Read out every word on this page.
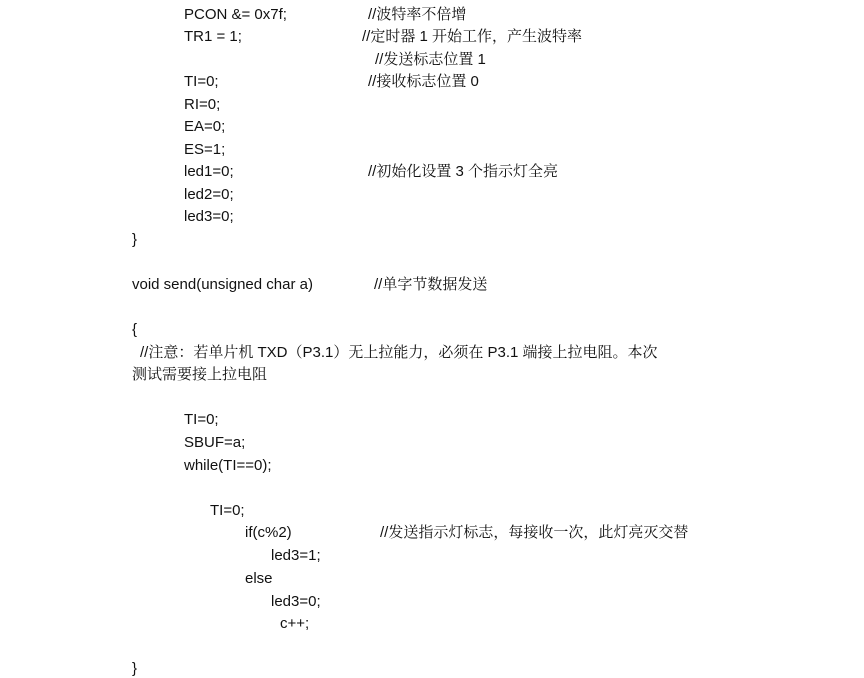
PCON &= 0x7f;	//波特率不倍增
TR1 = 1;	//定时器 1 开始工作，产生波特率
//发送标志位置 1
TI=0;	//接收标志位置 0
RI=0;
EA=0;
ES=1;
led1=0;	//初始化设置 3 个指示灯全亮
led2=0;
led3=0;
}
void send(unsigned char a)	//单字节数据发送
{
//注意：若单片机 TXD（P3.1）无上拉能力，必须在 P3.1 端接上拉电阻。本次
测试需要接上拉电阻
TI=0;
SBUF=a;
while(TI==0);
TI=0;
if(c%2)	//发送指示灯标志，每接收一次，此灯亮灭交替
led3=1;
else
led3=0;
c++;
}
